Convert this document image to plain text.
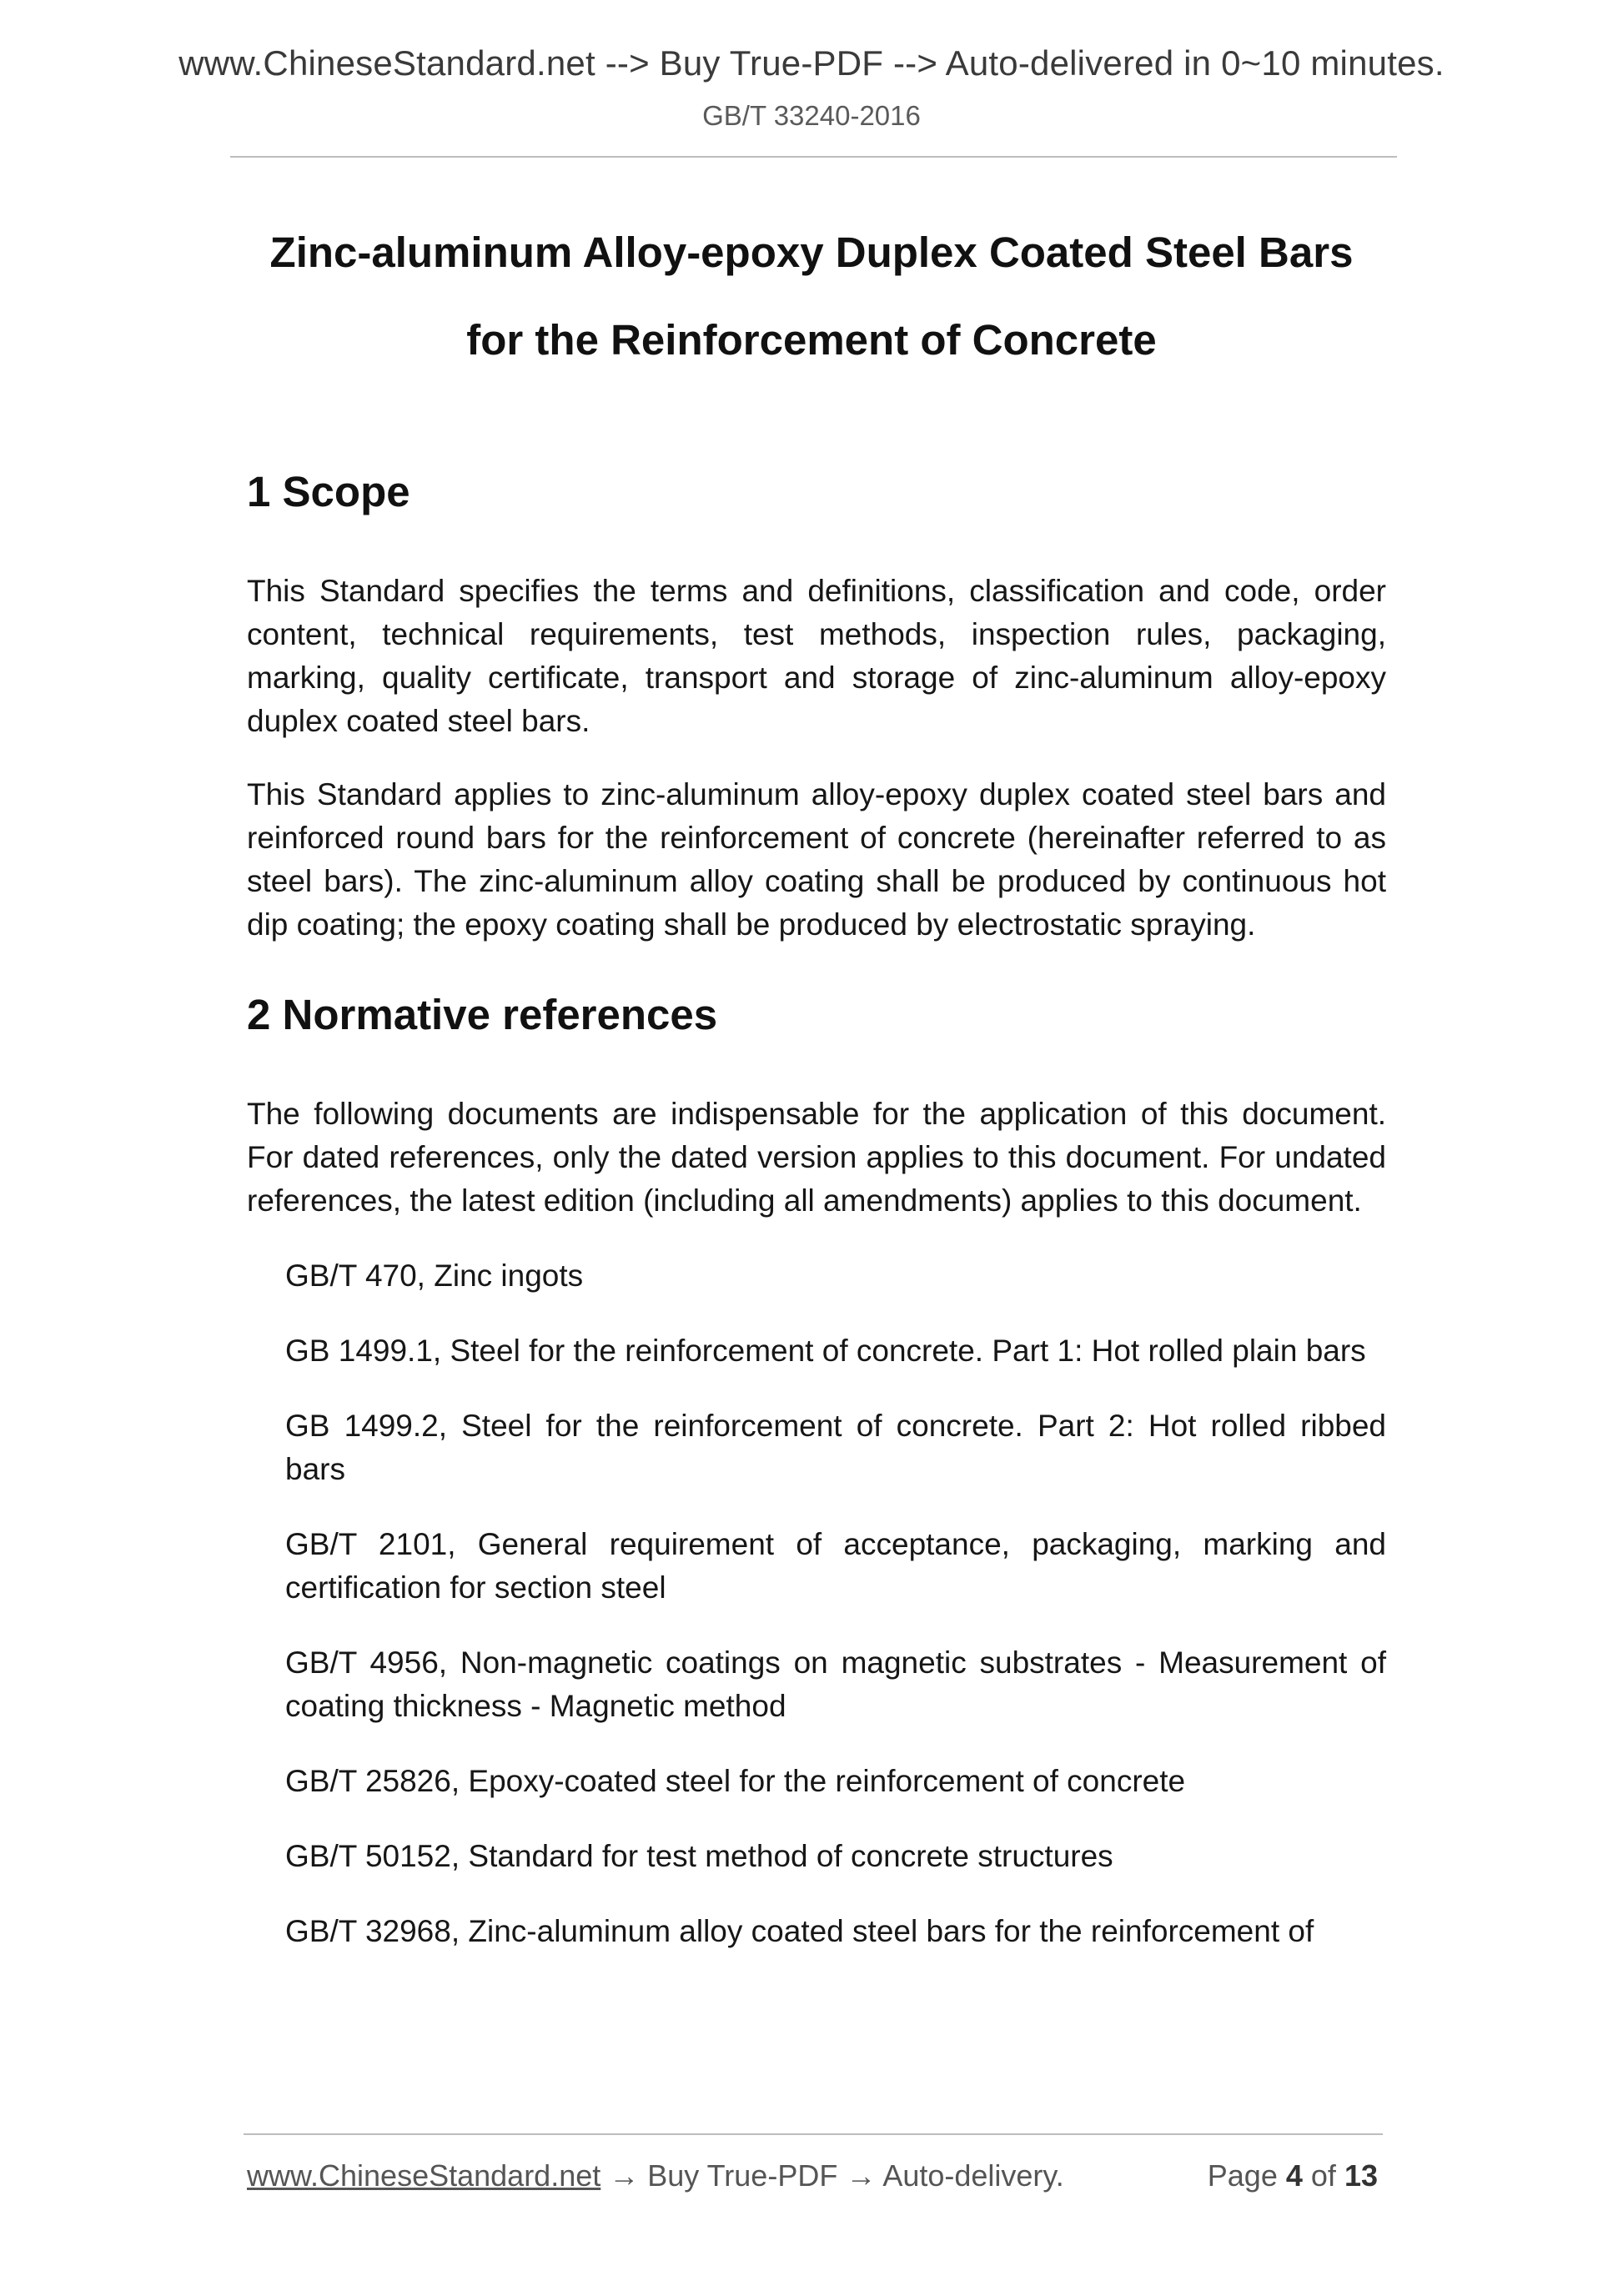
www.ChineseStandard.net --> Buy True-PDF --> Auto-delivered in 0~10 minutes.
GB/T 33240-2016
Zinc-aluminum Alloy-epoxy Duplex Coated Steel Bars
for the Reinforcement of Concrete
1 Scope

This Standard specifies the terms and definitions, classification and code, order content, technical requirements, test methods, inspection rules, packaging, marking, quality certificate, transport and storage of zinc-aluminum alloy-epoxy duplex coated steel bars.

This Standard applies to zinc-aluminum alloy-epoxy duplex coated steel bars and reinforced round bars for the reinforcement of concrete (hereinafter referred to as steel bars). The zinc-aluminum alloy coating shall be produced by continuous hot dip coating; the epoxy coating shall be produced by electrostatic spraying.

2 Normative references

The following documents are indispensable for the application of this document. For dated references, only the dated version applies to this document. For undated references, the latest edition (including all amendments) applies to this document.

GB/T 470, Zinc ingots

GB 1499.1, Steel for the reinforcement of concrete. Part 1: Hot rolled plain bars

GB 1499.2, Steel for the reinforcement of concrete. Part 2: Hot rolled ribbed bars

GB/T 2101, General requirement of acceptance, packaging, marking and certification for section steel

GB/T 4956, Non-magnetic coatings on magnetic substrates - Measurement of coating thickness - Magnetic method

GB/T 25826, Epoxy-coated steel for the reinforcement of concrete

GB/T 50152, Standard for test method of concrete structures

GB/T 32968, Zinc-aluminum alloy coated steel bars for the reinforcement of

www.ChineseStandard.net → Buy True-PDF → Auto-delivery.	Page 4 of 13
